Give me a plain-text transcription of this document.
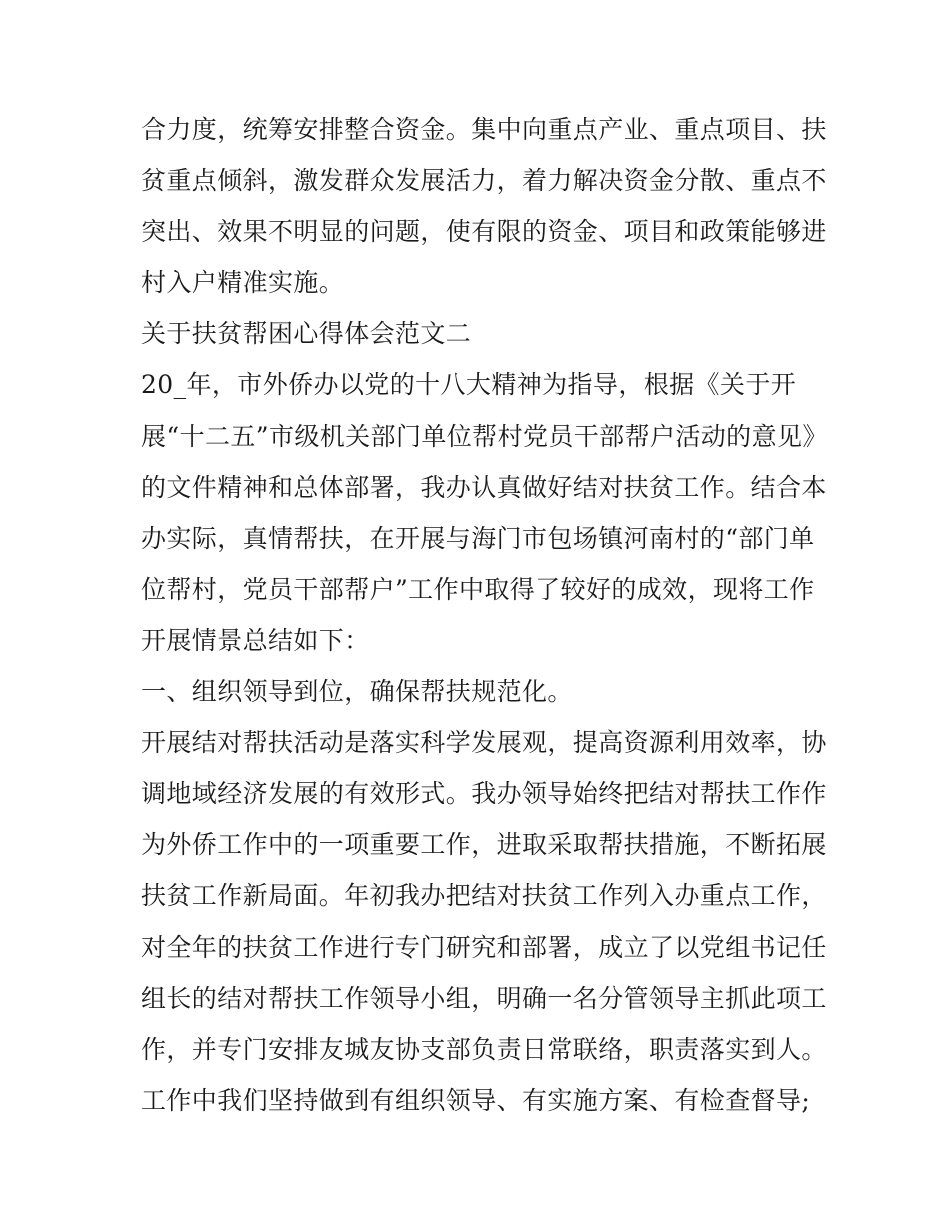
合力度，统筹安排整合资金。集中向重点产业、重点项目、扶
贫重点倾斜，激发群众发展活力，着力解决资金分散、重点不
突出、效果不明显的问题，使有限的资金、项目和政策能够进
村入户精准实施。
关于扶贫帮困心得体会范文二
20_年，市外侨办以党的十八大精神为指导，根据《关于开
展“十二五”市级机关部门单位帮村党员干部帮户活动的意见》
的文件精神和总体部署，我办认真做好结对扶贫工作。结合本
办实际，真情帮扶，在开展与海门市包场镇河南村的“部门单
位帮村，党员干部帮户”工作中取得了较好的成效，现将工作
开展情景总结如下：
一、组织领导到位，确保帮扶规范化。
开展结对帮扶活动是落实科学发展观，提高资源利用效率，协
调地域经济发展的有效形式。我办领导始终把结对帮扶工作作
为外侨工作中的一项重要工作，进取采取帮扶措施，不断拓展
扶贫工作新局面。年初我办把结对扶贫工作列入办重点工作，
对全年的扶贫工作进行专门研究和部署，成立了以党组书记任
组长的结对帮扶工作领导小组，明确一名分管领导主抓此项工
作，并专门安排友城友协支部负责日常联络，职责落实到人。
工作中我们坚持做到有组织领导、有实施方案、有检查督导;
